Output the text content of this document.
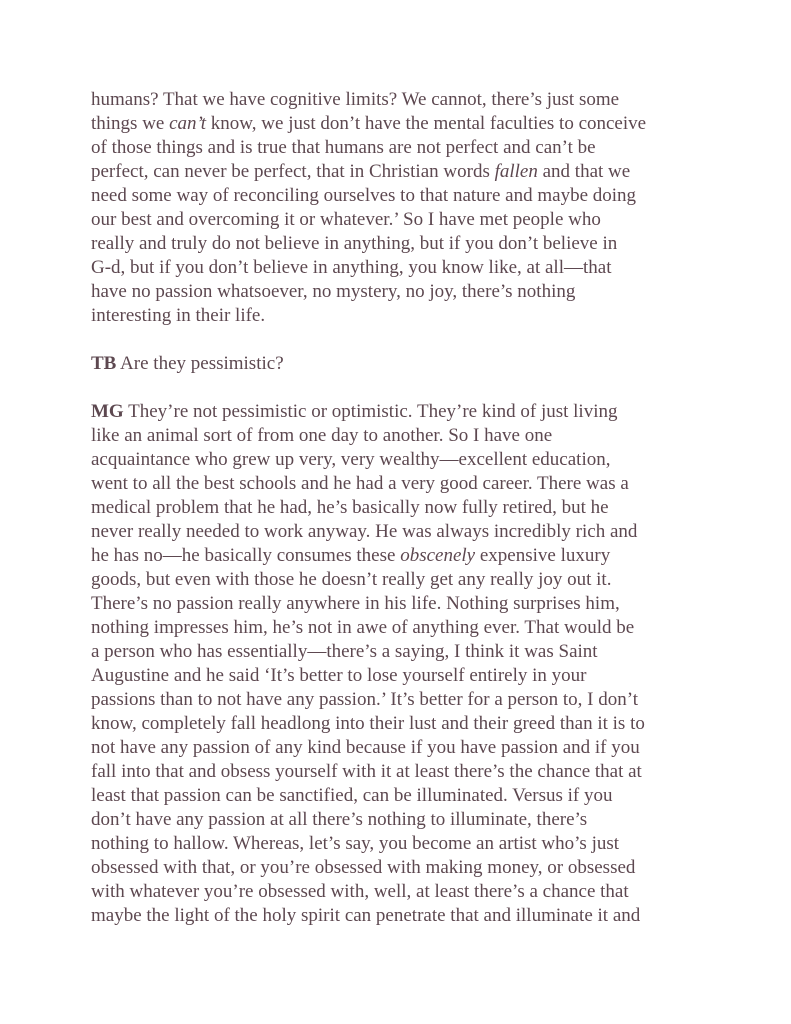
humans? That we have cognitive limits? We cannot, there’s just some
things we can’t know, we just don’t have the mental faculties to conceive
of those things and is true that humans are not perfect and can’t be
perfect, can never be perfect, that in Christian words fallen and that we
need some way of reconciling ourselves to that nature and maybe doing
our best and overcoming it or whatever.’ So I have met people who
really and truly do not believe in anything, but if you don’t believe in
G-d, but if you don’t believe in anything, you know like, at all—that
have no passion whatsoever, no mystery, no joy, there’s nothing
interesting in their life.

TB Are they pessimistic?

MG They’re not pessimistic or optimistic. They’re kind of just living
like an animal sort of from one day to another. So I have one
acquaintance who grew up very, very wealthy—excellent education,
went to all the best schools and he had a very good career. There was a
medical problem that he had, he’s basically now fully retired, but he
never really needed to work anyway. He was always incredibly rich and
he has no—he basically consumes these obscenely expensive luxury
goods, but even with those he doesn’t really get any really joy out it.
There’s no passion really anywhere in his life. Nothing surprises him,
nothing impresses him, he’s not in awe of anything ever. That would be
a person who has essentially—there’s a saying, I think it was Saint
Augustine and he said ‘It’s better to lose yourself entirely in your
passions than to not have any passion.’ It’s better for a person to, I don’t
know, completely fall headlong into their lust and their greed than it is to
not have any passion of any kind because if you have passion and if you
fall into that and obsess yourself with it at least there’s the chance that at
least that passion can be sanctified, can be illuminated. Versus if you
don’t have any passion at all there’s nothing to illuminate, there’s
nothing to hallow. Whereas, let’s say, you become an artist who’s just
obsessed with that, or you’re obsessed with making money, or obsessed
with whatever you’re obsessed with, well, at least there’s a chance that
maybe the light of the holy spirit can penetrate that and illuminate it and
